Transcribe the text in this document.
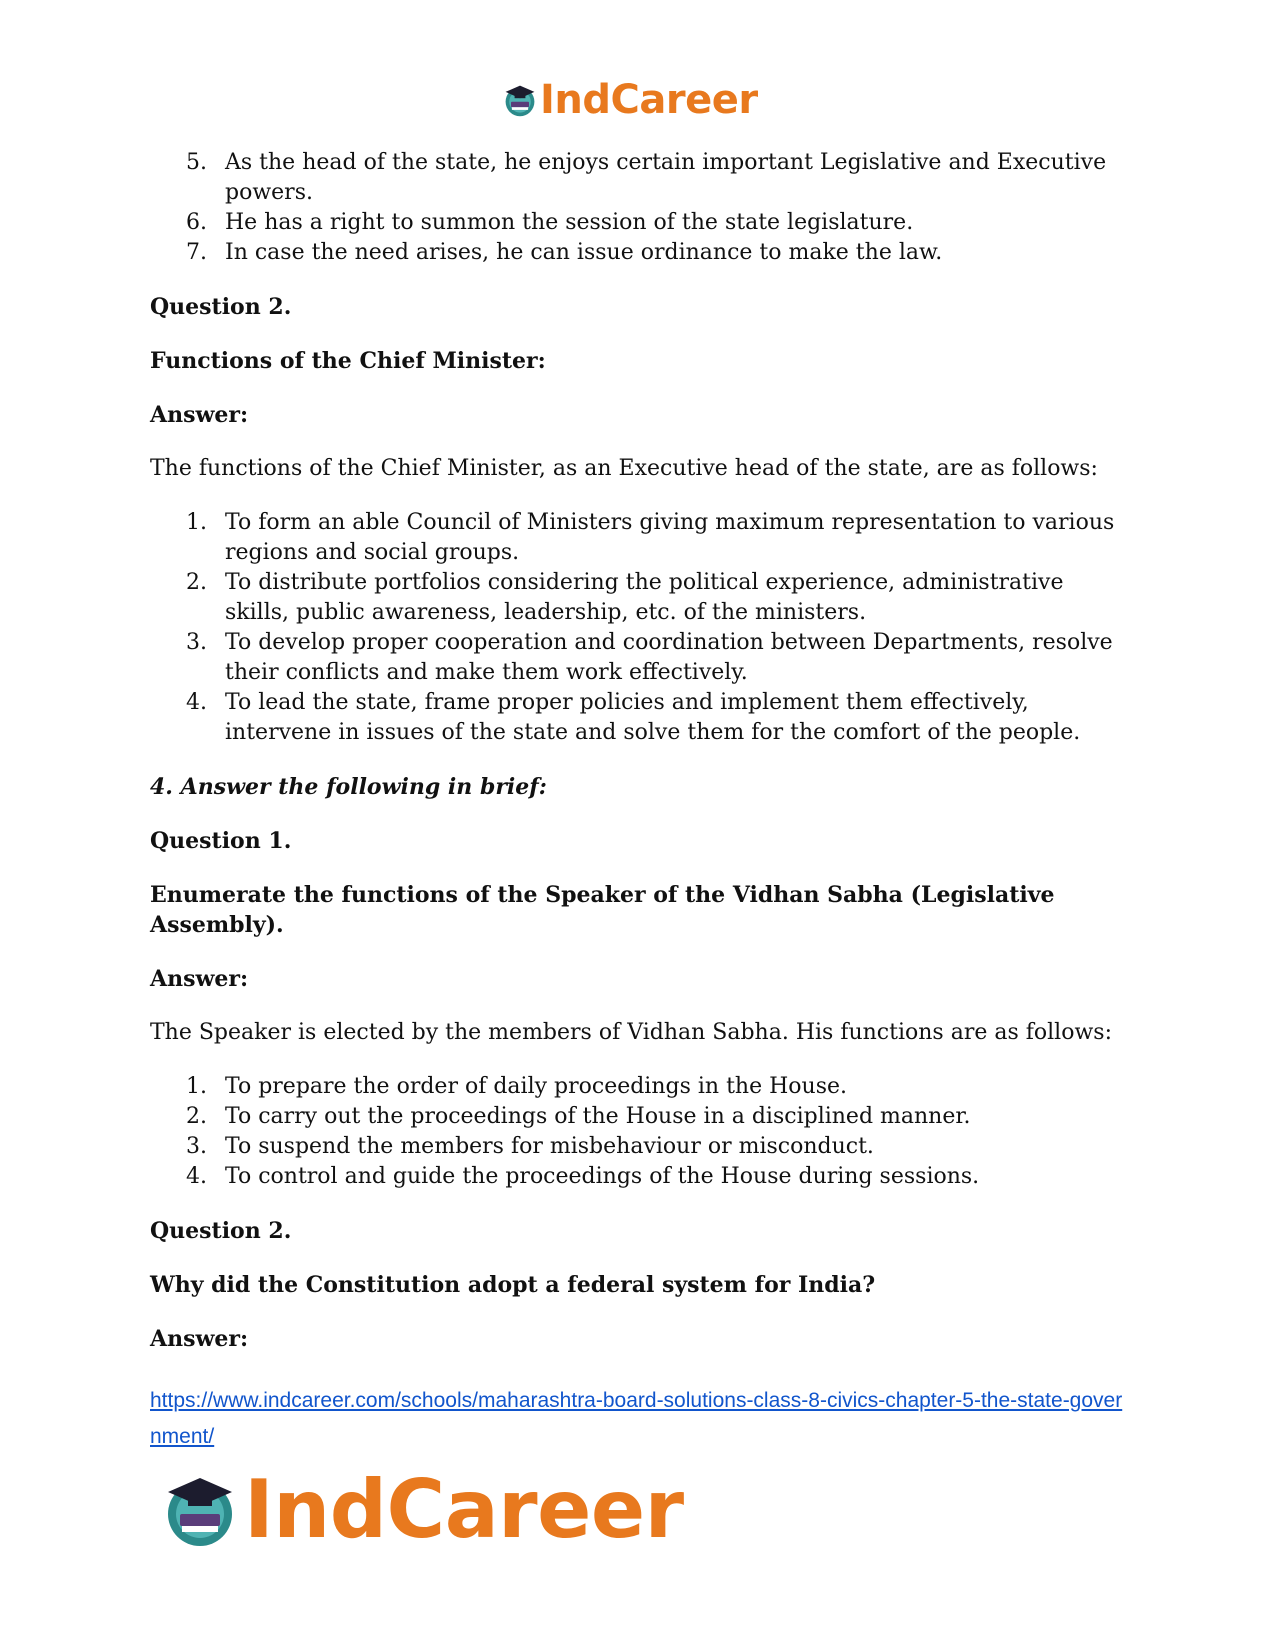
IndCareer
5. As the head of the state, he enjoys certain important Legislative and Executive powers.
6. He has a right to summon the session of the state legislature.
7. In case the need arises, he can issue ordinance to make the law.

Question 2.

Functions of the Chief Minister:

Answer:

The functions of the Chief Minister, as an Executive head of the state, are as follows:

1. To form an able Council of Ministers giving maximum representation to various regions and social groups.
2. To distribute portfolios considering the political experience, administrative skills, public awareness, leadership, etc. of the ministers.
3. To develop proper cooperation and coordination between Departments, resolve their conflicts and make them work effectively.
4. To lead the state, frame proper policies and implement them effectively, intervene in issues of the state and solve them for the comfort of the people.

4. Answer the following in brief:

Question 1.

Enumerate the functions of the Speaker of the Vidhan Sabha (Legislative Assembly).

Answer:

The Speaker is elected by the members of Vidhan Sabha. His functions are as follows:

1. To prepare the order of daily proceedings in the House.
2. To carry out the proceedings of the House in a disciplined manner.
3. To suspend the members for misbehaviour or misconduct.
4. To control and guide the proceedings of the House during sessions.

Question 2.

Why did the Constitution adopt a federal system for India?

Answer:

https://www.indcareer.com/schools/maharashtra-board-solutions-class-8-civics-chapter-5-the-state-government/
IndCareer
